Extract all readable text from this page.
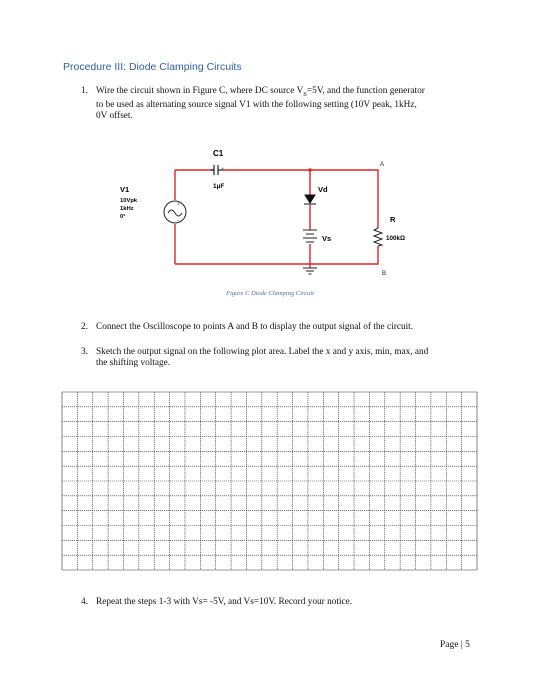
Procedure III: Diode Clamping Circuits
1. Wire the circuit shown in Figure C, where DC source $V_S=5V$, and the function generator
to be used as alternating source signal V1 with the following setting (10V peak, 1kHz,
0V offset.
+
C1
1µF
+
-
V1
10Vpk
1kHz
0°
Vd
Vs
R
100kΩ
A
B
Figure C Diode Clamping Circuit
2. Connect the Oscilloscope to points A and B to display the output signal of the circuit.
3. Sketch the output signal on the following plot area. Label the x and y axis, min, max, and
the shifting voltage.
4. Repeat the steps 1-3 with Vs= -5V, and Vs=10V. Record your notice.
Page | 5
